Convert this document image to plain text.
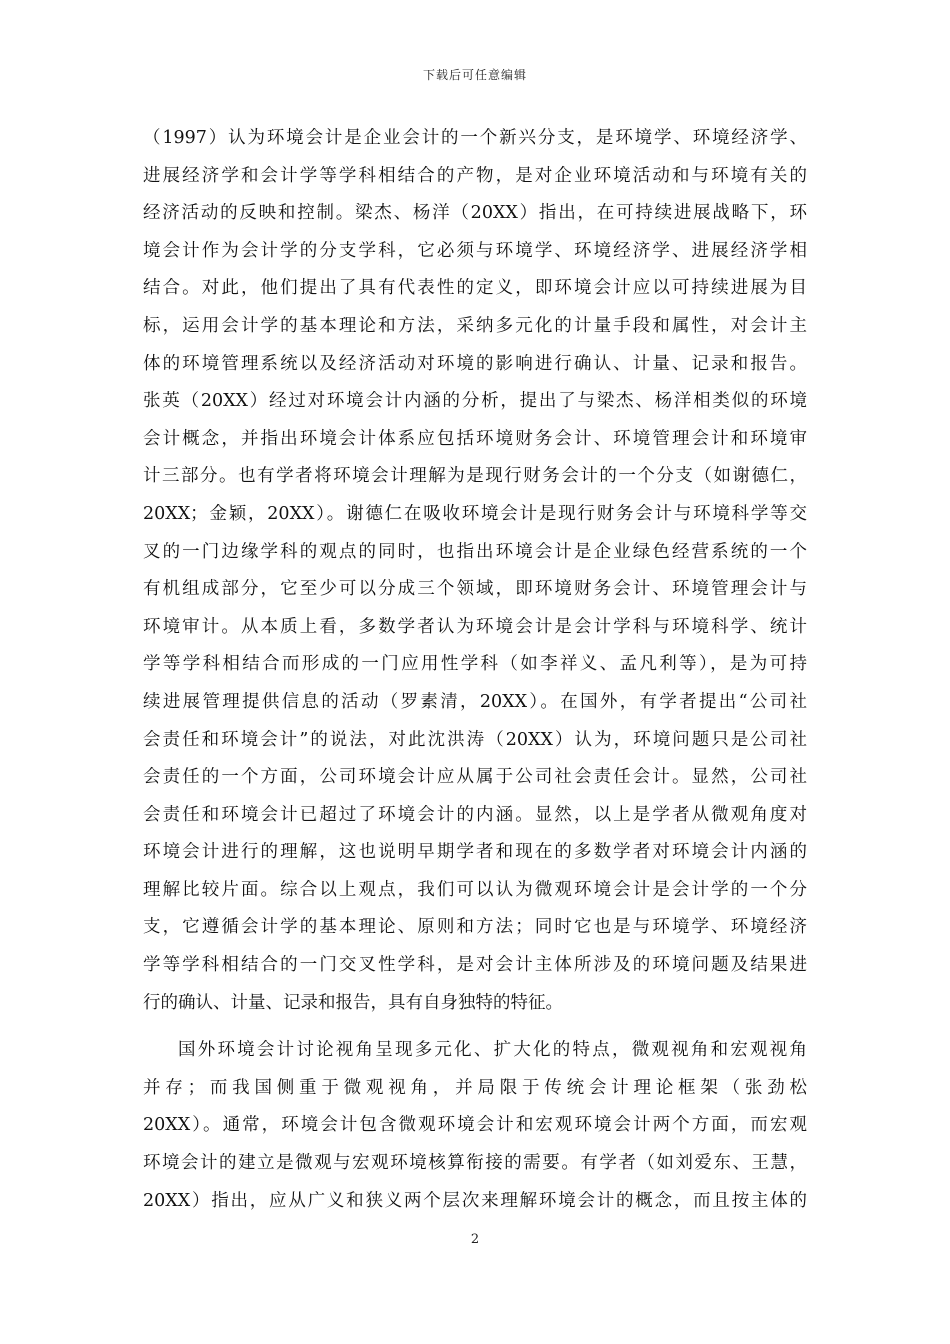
下载后可任意编辑
（1997）认为环境会计是企业会计的一个新兴分支，是环境学、环境经济学、
进展经济学和会计学等学科相结合的产物，是对企业环境活动和与环境有关的
经济活动的反映和控制。梁杰、杨洋（20XX）指出，在可持续进展战略下，环
境会计作为会计学的分支学科，它必须与环境学、环境经济学、进展经济学相
结合。对此，他们提出了具有代表性的定义，即环境会计应以可持续进展为目
标，运用会计学的基本理论和方法，采纳多元化的计量手段和属性，对会计主
体的环境管理系统以及经济活动对环境的影响进行确认、计量、记录和报告。
张英（20XX）经过对环境会计内涵的分析，提出了与梁杰、杨洋相类似的环境
会计概念，并指出环境会计体系应包括环境财务会计、环境管理会计和环境审
计三部分。也有学者将环境会计理解为是现行财务会计的一个分支（如谢德仁，
20XX；金颖，20XX）。谢德仁在吸收环境会计是现行财务会计与环境科学等交
叉的一门边缘学科的观点的同时，也指出环境会计是企业绿色经营系统的一个
有机组成部分，它至少可以分成三个领域，即环境财务会计、环境管理会计与
环境审计。从本质上看，多数学者认为环境会计是会计学科与环境科学、统计
学等学科相结合而形成的一门应用性学科（如李祥义、孟凡利等），是为可持
续进展管理提供信息的活动（罗素清，20XX）。在国外，有学者提出“公司社
会责任和环境会计”的说法，对此沈洪涛（20XX）认为，环境问题只是公司社
会责任的一个方面，公司环境会计应从属于公司社会责任会计。显然，公司社
会责任和环境会计已超过了环境会计的内涵。显然，以上是学者从微观角度对
环境会计进行的理解，这也说明早期学者和现在的多数学者对环境会计内涵的
理解比较片面。综合以上观点，我们可以认为微观环境会计是会计学的一个分
支，它遵循会计学的基本理论、原则和方法；同时它也是与环境学、环境经济
学等学科相结合的一门交叉性学科，是对会计主体所涉及的环境问题及结果进
行的确认、计量、记录和报告，具有自身独特的特征。
国外环境会计讨论视角呈现多元化、扩大化的特点，微观视角和宏观视角
并存；而我国侧重于微观视角，并局限于传统会计理论框架（张劲松
20XX）。通常，环境会计包含微观环境会计和宏观环境会计两个方面，而宏观
环境会计的建立是微观与宏观环境核算衔接的需要。有学者（如刘爱东、王慧，
20XX）指出，应从广义和狭义两个层次来理解环境会计的概念，而且按主体的
2
